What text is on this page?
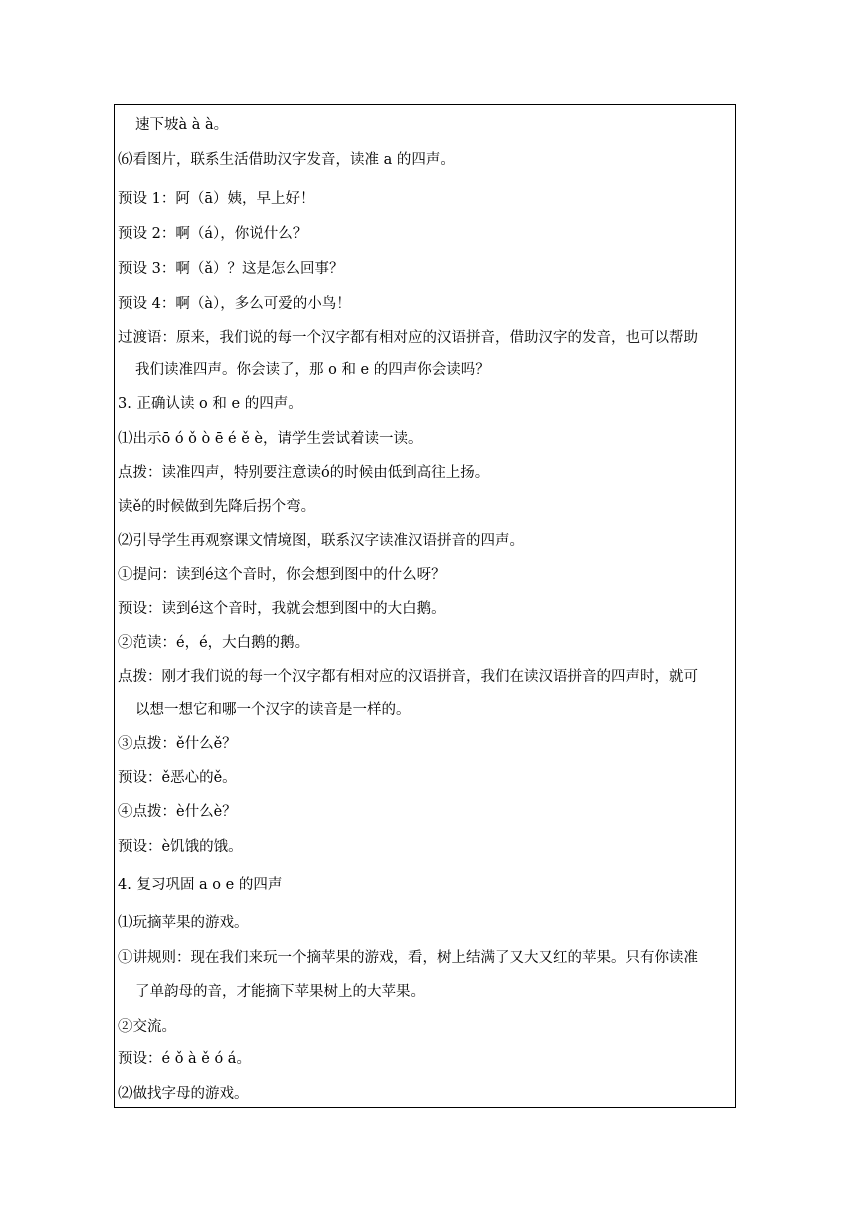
速下坡à à à。
⑹看图片，联系生活借助汉字发音，读准 a 的四声。
预设 1：阿（ā）姨，早上好！
预设 2：啊（á），你说什么？
预设 3：啊（ǎ）？这是怎么回事？
预设 4：啊（à），多么可爱的小鸟！
过渡语：原来，我们说的每一个汉字都有相对应的汉语拼音，借助汉字的发音，也可以帮助
我们读准四声。你会读了，那 o 和 e 的四声你会读吗？
3. 正确认读 o 和 e 的四声。
⑴出示ō ó ǒ ò ē é ě è，请学生尝试着读一读。
点拨：读准四声，特别要注意读ó的时候由低到高往上扬。
读ě的时候做到先降后拐个弯。
⑵引导学生再观察课文情境图，联系汉字读准汉语拼音的四声。
①提问：读到é这个音时，你会想到图中的什么呀？
预设：读到é这个音时，我就会想到图中的大白鹅。
②范读：é，é，大白鹅的鹅。
点拨：刚才我们说的每一个汉字都有相对应的汉语拼音，我们在读汉语拼音的四声时，就可
以想一想它和哪一个汉字的读音是一样的。
③点拨：ě什么ě？
预设：ě恶心的ě。
④点拨：è什么è？
预设：è饥饿的饿。
4. 复习巩固 a o e 的四声
⑴玩摘苹果的游戏。
①讲规则：现在我们来玩一个摘苹果的游戏，看，树上结满了又大又红的苹果。只有你读准
了单韵母的音，才能摘下苹果树上的大苹果。
②交流。
预设：é ǒ à ě ó á。
⑵做找字母的游戏。
